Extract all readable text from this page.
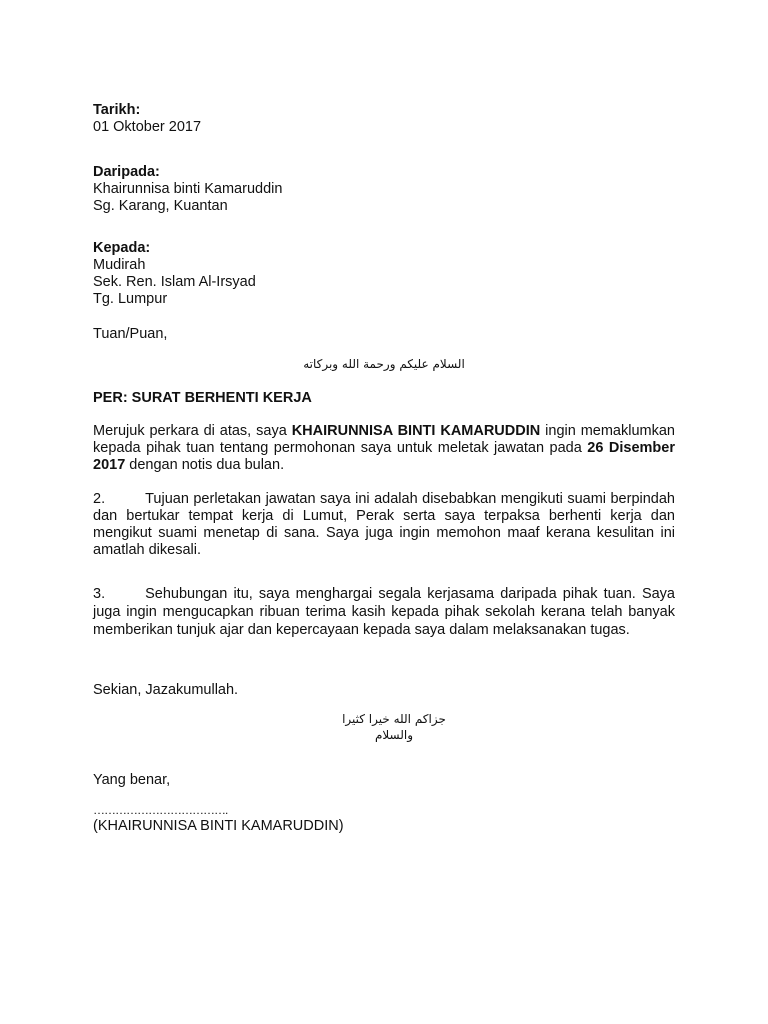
Tarikh:
01 Oktober 2017
Daripada:
Khairunnisa binti Kamaruddin
Sg. Karang, Kuantan
Kepada:
Mudirah
Sek. Ren. Islam Al-Irsyad
Tg. Lumpur
Tuan/Puan,
السلام عليكم ورحمة الله وبركاته
PER: SURAT BERHENTI KERJA

Merujuk perkara di atas, saya KHAIRUNNISA BINTI KAMARUDDIN ingin memaklumkan kepada pihak tuan tentang permohonan saya untuk meletak jawatan pada 26 Disember 2017 dengan notis dua bulan.

2.	Tujuan perletakan jawatan saya ini adalah disebabkan mengikuti suami berpindah dan bertukar tempat kerja di Lumut, Perak serta saya terpaksa berhenti kerja dan mengikut suami menetap di sana. Saya juga ingin memohon maaf kerana kesulitan ini amatlah dikesali.

3.	Sehubungan itu, saya menghargai segala kerjasama daripada pihak tuan. Saya juga ingin mengucapkan ribuan terima kasih kepada pihak sekolah kerana telah banyak memberikan tunjuk ajar dan kepercayaan kepada saya dalam melaksanakan tugas.

Sekian, Jazakumullah.
جزاكم الله خيرا كثيرا
والسلام
Yang benar,
……………………………….
(KHAIRUNNISA BINTI KAMARUDDIN)
